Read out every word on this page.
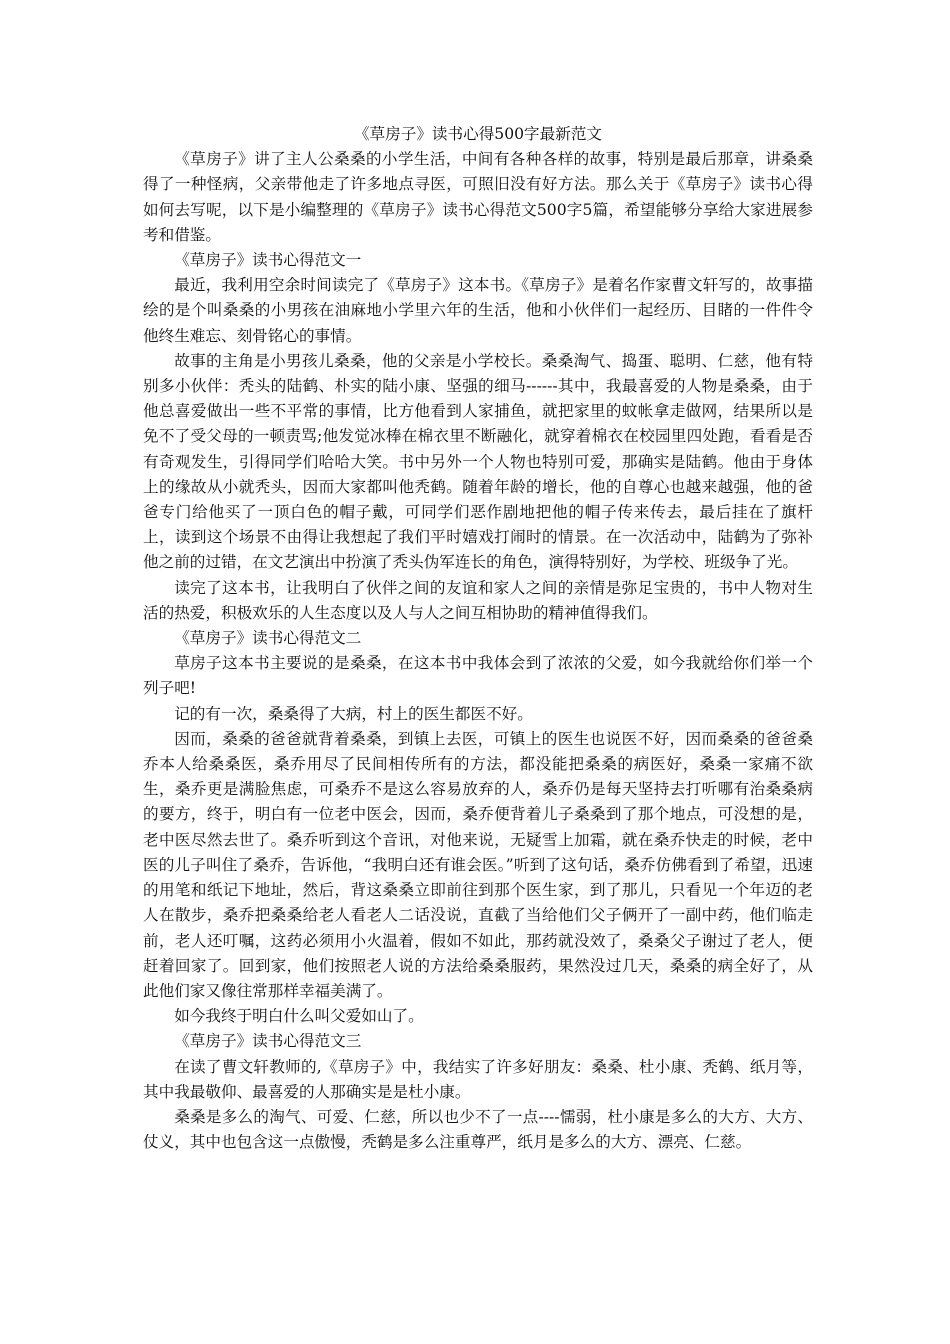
《草房子》读书心得500字最新范文

《草房子》讲了主人公桑桑的小学生活，中间有各种各样的故事，特别是最后那章，讲桑桑得了一种怪病，父亲带他走了许多地点寻医，可照旧没有好方法。那么关于《草房子》读书心得如何去写呢，以下是小编整理的《草房子》读书心得范文500字5篇，希望能够分享给大家进展参考和借鉴。

《草房子》读书心得范文一

最近，我利用空余时间读完了《草房子》这本书。《草房子》是着名作家曹文轩写的，故事描绘的是个叫桑桑的小男孩在油麻地小学里六年的生活，他和小伙伴们一起经历、目睹的一件件令他终生难忘、刻骨铭心的事情。

故事的主角是小男孩儿桑桑，他的父亲是小学校长。桑桑淘气、捣蛋、聪明、仁慈，他有特别多小伙伴：秃头的陆鹤、朴实的陆小康、坚强的细马------其中，我最喜爱的人物是桑桑，由于他总喜爱做出一些不平常的事情，比方他看到人家捕鱼，就把家里的蚊帐拿走做网，结果所以是免不了受父母的一顿责骂;他发觉冰棒在棉衣里不断融化，就穿着棉衣在校园里四处跑，看看是否有奇观发生，引得同学们哈哈大笑。书中另外一个人物也特别可爱，那确实是陆鹤。他由于身体上的缘故从小就秃头，因而大家都叫他秃鹤。随着年龄的增长，他的自尊心也越来越强，他的爸爸专门给他买了一顶白色的帽子戴，可同学们恶作剧地把他的帽子传来传去，最后挂在了旗杆上，读到这个场景不由得让我想起了我们平时嬉戏打闹时的情景。在一次活动中，陆鹤为了弥补他之前的过错，在文艺演出中扮演了秃头伪军连长的角色，演得特别好，为学校、班级争了光。

读完了这本书，让我明白了伙伴之间的友谊和家人之间的亲情是弥足宝贵的，书中人物对生活的热爱，积极欢乐的人生态度以及人与人之间互相协助的精神值得我们。

《草房子》读书心得范文二

草房子这本书主要说的是桑桑，在这本书中我体会到了浓浓的父爱，如今我就给你们举一个列子吧!

记的有一次，桑桑得了大病，村上的医生都医不好。

因而，桑桑的爸爸就背着桑桑，到镇上去医，可镇上的医生也说医不好，因而桑桑的爸爸桑乔本人给桑桑医，桑乔用尽了民间相传所有的方法，都没能把桑桑的病医好，桑桑一家痛不欲生，桑乔更是满脸焦虑，可桑乔不是这么容易放弃的人，桑乔仍是每天坚持去打听哪有治桑桑病的要方，终于，明白有一位老中医会，因而，桑乔便背着儿子桑桑到了那个地点，可没想的是，老中医尽然去世了。桑乔听到这个音讯，对他来说，无疑雪上加霜，就在桑乔快走的时候，老中医的儿子叫住了桑乔，告诉他，“我明白还有谁会医。”听到了这句话，桑乔仿佛看到了希望，迅速的用笔和纸记下地址，然后，背这桑桑立即前往到那个医生家，到了那儿，只看见一个年迈的老人在散步，桑乔把桑桑给老人看老人二话没说，直截了当给他们父子俩开了一副中药，他们临走前，老人还叮嘱，这药必须用小火温着，假如不如此，那药就没效了，桑桑父子谢过了老人，便赶着回家了。回到家，他们按照老人说的方法给桑桑服药，果然没过几天，桑桑的病全好了，从此他们家又像往常那样幸福美满了。

如今我终于明白什么叫父爱如山了。

《草房子》读书心得范文三

在读了曹文轩教师的,《草房子》中，我结实了许多好朋友：桑桑、杜小康、秃鹤、纸月等，其中我最敬仰、最喜爱的人那确实是是杜小康。

桑桑是多么的淘气、可爱、仁慈，所以也少不了一点----懦弱，杜小康是多么的大方、大方、仗义，其中也包含这一点傲慢，秃鹤是多么注重尊严，纸月是多么的大方、漂亮、仁慈。
